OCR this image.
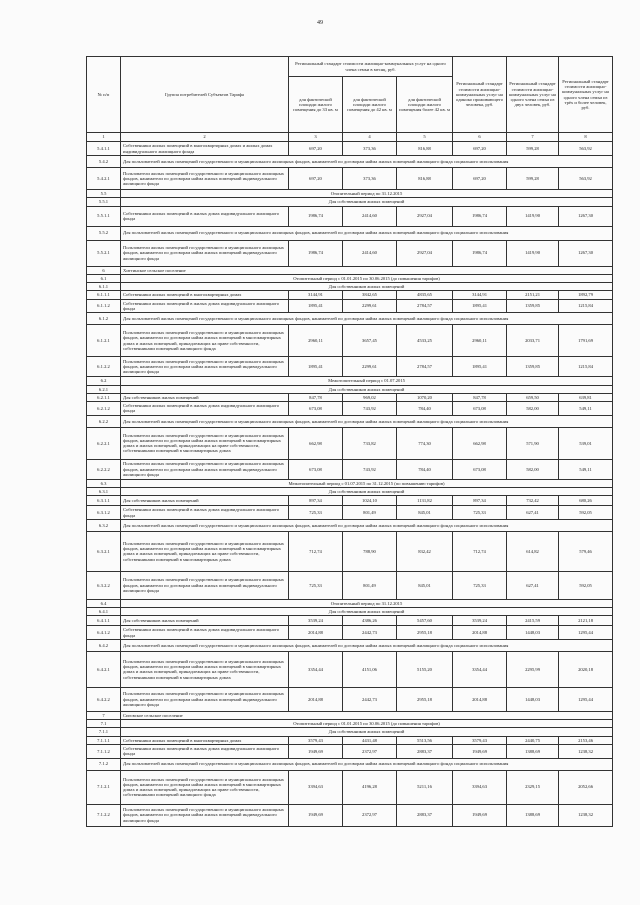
49
№ п/п	Группа потребителей Субъектов Тарифа	Региональный стандарт стоимости жилищно-коммунальных услуг на одного члена семьи в месяц, руб.			Региональный стандарт стоимости жилищно-коммунальных услуг на одиноко проживающего человека, руб.	Региональный стандарт стоимости жилищно-коммунальных услуг на одного члена семьи из двух человек, руб.	Региональный стандарт стоимости жилищно-коммунальных услуг на одного члена семьи из трёх и более человек, руб.
		для фактической площади жилого помещения до 33 кв. м	для фактической площади жилого помещения до 42 кв. м	для фактической площади жилого помещения более 42 кв. м			
1	2	3	4	5	6	7	8
5.4.1.1	Собственники жилых помещений в многоквартирных домах и жилых домах индивидуального жилищного фонда	697,20	373,36	816,88	697,20	599,28	563,92
5.4.2	Для пользователей жилых помещений государственного и муниципального жилищных фондов, нанимателей по договорам найма жилых помещений жилищного фонда социального использования						
5.4.2.1	Пользователи жилых помещений государственного и муниципального жилищных фондов, наниматели по договорам найма жилых помещений индивидуального жилищного фонда	697,20	373,36	816,88	697,20	599,28	563,92
5.5	Отопительный период по 31.12.2015						
5.5.1	Для собственников жилых помещений						
5.5.1.1	Собственники жилых помещений в жилых домах индивидуального жилищного фонда	1986,74	2414,60	2927,04	1986,74	1419,90	1267,30
5.5.2	Для пользователей жилых помещений государственного и муниципального жилищных фондов, нанимателей по договорам найма жилых помещений жилищного фонда социального использования						
5.5.2.1	Пользователи жилых помещений государственного и муниципального жилищных фондов, наниматели по договорам найма жилых помещений индивидуального жилищного фонда	1986,74	2414,60	2927,04	1986,74	1419,90	1267,30
6	Хиттинское сельское поселение						
6.1	Отопительный период с 01.01.2015 по 30.06.2015 (до повышения тарифов)						
6.1.1	Для собственников жилых помещений						
6.1.1.1	Собственники жилых помещений в многоквартирных домах	3144,91	3842,65	4835,65	3144,91	2151,21	1892,79
6.1.1.2	Собственники жилых помещений в жилых домах индивидуального жилищного фонда	1895,41	2299,61	2784,57	1895,41	1359,85	1215,84
6.1.2	Для пользователей жилых помещений государственного и муниципального жилищных фондов, нанимателей по договорам найма жилых помещений жилищного фонда социального использования						
6.1.2.1	Пользователи жилых помещений государственного и муниципального жилищных фондов, наниматели по договорам найма жилых помещений в многоквартирных домах и жилых помещений, принадлежащих на праве собственности, собственниками помещений жилищного фонда	2960,11	3657,45	4533,25	2960,11	2033,71	1791,69
6.1.2.2	Пользователи жилых помещений государственного и муниципального жилищных фондов, наниматели по договорам найма жилых помещений индивидуального жилищного фонда	1895,41	2299,61	2784,57	1895,41	1359,85	1215,84
6.2	Межотопительный период с 01.07.2015						
6.2.1	Для собственников жилых помещений						
6.2.1.1	Для собственников жилых помещений	847,78	969,02	1070,20	847,78	659,50	639,81
6.2.1.2	Собственники жилых помещений в жилых домах индивидуального жилищного фонда	673,08	743,92	784,40	673,08	582,00	549,11
6.2.2	Для пользователей жилых помещений государственного и муниципального жилищных фондов, нанимателей по договорам найма жилых помещений жилищного фонда социального использования						
6.2.2.1	Пользователи жилых помещений государственного и муниципального жилищных фондов, наниматели по договорам найма жилых помещений в многоквартирных домах и жилых помещений, принадлежащих на праве собственности, собственниками помещений в многоквартирных домах	662,98	733,82	774,30	662,98	571,90	539,01
6.2.2.2	Пользователи жилых помещений государственного и муниципального жилищных фондов, наниматели по договорам найма жилых помещений индивидуального жилищного фонда	673,08	743,92	784,40	673,08	582,00	549,11
6.3	Межотопительный период с 01.07.2015 по 31.12.2015 (по повышению тарифов)						
6.3.1	Для собственников жилых помещений						
6.3.1.1	Для собственников жилых помещений	897,34	1024,10	1131,82	897,34	732,42	680,26
6.3.1.2	Собственники жилых помещений в жилых домах индивидуального жилищного фонда	725,33	801,49	845,01	725,33	627,41	592,05
6.3.2	Для пользователей жилых помещений государственного и муниципального жилищных фондов, нанимателей по договорам найма жилых помещений жилищного фонда социального использования						
6.3.2.1	Пользователи жилых помещений государственного и муниципального жилищных фондов, наниматели по договорам найма жилых помещений в многоквартирных домах и жилых помещений, принадлежащих на праве собственности, собственниками помещений в многоквартирных домах	712,74	788,90	832,42	712,74	614,82	579,46
6.3.2.2	Пользователи жилых помещений государственного и муниципального жилищных фондов, наниматели по договорам найма жилых помещений индивидуального жилищного фонда	725,33	801,49	845,01	725,33	627,41	592,05
6.4	Отопительный период по 31.12.2015						
6.4.1	Для собственников жилых помещений						
6.4.1.1	Для собственников жилых помещений	3539,24	4386,26	5457,60	3539,24	2415,59	2121,18
6.4.1.2	Собственники жилых помещений в жилых домах индивидуального жилищного фонда	2014,88	2442,73	2955,18	2014,88	1448,03	1295,44
6.4.2	Для пользователей жилых помещений государственного и муниципального жилищных фондов, нанимателей по договорам найма жилых помещений жилищного фонда социального использования						
6.4.2.1	Пользователи жилых помещений государственного и муниципального жилищных фондов, наниматели по договорам найма жилых помещений в многоквартирных домах и жилых помещений, принадлежащих на праве собственности, собственниками помещений в многоквартирных домах	3354,44	4151,06	5155,20	3354,44	2295,99	2020,18
6.4.2.2	Пользователи жилых помещений государственного и муниципального жилищных фондов, наниматели по договорам найма жилых помещений индивидуального жилищного фонда	2014,88	2442,73	2955,18	2014,88	1448,03	1295,44
7	Сиговское сельское поселение						
7.1	Отопительный период с 01.01.2015 по 30.06.2015 (до повышения тарифов)						
7.1.1	Для собственников жилых помещений						
7.1.1.1	Собственники жилых помещений в многоквартирных домах	3579,43	4431,48	5513,56	3579,43	2440,75	2153,46
7.1.1.2	Собственники жилых помещений в жилых домах индивидуального жилищного фонда	1949,69	2372,97	2883,37	1949,69	1388,69	1238,32
7.1.2	Для пользователей жилых помещений государственного и муниципального жилищных фондов, нанимателей по договорам найма жилых помещений жилищного фонда социального использования						
7.1.2.1	Пользователи жилых помещений государственного и муниципального жилищных фондов, наниматели по договорам найма жилых помещений в многоквартирных домах и жилых помещений, принадлежащих на праве собственности, собственниками помещений жилищного фонда	3394,63	4196,28	5211,16	3394,63	2329,15	2052,66
7.1.2.2	Пользователи жилых помещений государственного и муниципального жилищных фондов, наниматели по договорам найма жилых помещений индивидуального жилищного фонда	1949,69	2372,97	2883,37	1949,69	1388,69	1238,32
